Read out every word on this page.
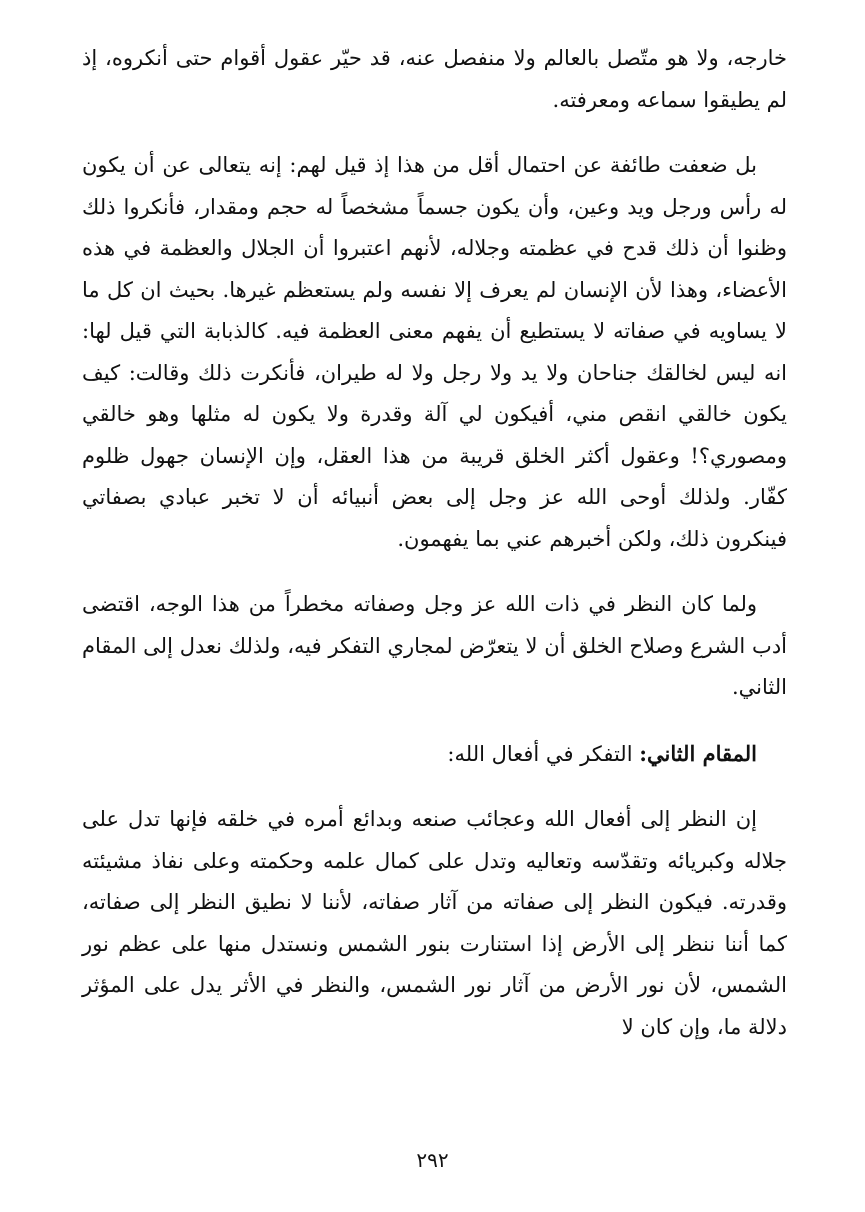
خارجه، ولا هو متّصل بالعالم ولا منفصل عنه، قد حيّر عقول أقوام حتى أنكروه، إذ لم يطيقوا سماعه ومعرفته.

بل ضعفت طائفة عن احتمال أقل من هذا إذ قيل لهم: إنه يتعالى عن أن يكون له رأس ورجل ويد وعين، وأن يكون جسماً مشخصاً له حجم ومقدار، فأنكروا ذلك وظنوا أن ذلك قدح في عظمته وجلاله، لأنهم اعتبروا أن الجلال والعظمة في هذه الأعضاء، وهذا لأن الإنسان لم يعرف إلا نفسه ولم يستعظم غيرها. بحيث ان كل ما لا يساويه في صفاته لا يستطيع أن يفهم معنى العظمة فيه. كالذبابة التي قيل لها: انه ليس لخالقك جناحان ولا يد ولا رجل ولا له طيران، فأنكرت ذلك وقالت: كيف يكون خالقي انقص مني، أفيكون لي آلة وقدرة ولا يكون له مثلها وهو خالقي ومصوري؟! وعقول أكثر الخلق قريبة من هذا العقل، وإن الإنسان جهول ظلوم كفّار. ولذلك أوحى الله عز وجل إلى بعض أنبيائه أن لا تخبر عبادي بصفاتي فينكرون ذلك، ولكن أخبرهم عني بما يفهمون.

ولما كان النظر في ذات الله عز وجل وصفاته مخطراً من هذا الوجه، اقتضى أدب الشرع وصلاح الخلق أن لا يتعرّض لمجاري التفكر فيه، ولذلك نعدل إلى المقام الثاني.

المقام الثاني: التفكر في أفعال الله:

إن النظر إلى أفعال الله وعجائب صنعه وبدائع أمره في خلقه فإنها تدل على جلاله وكبريائه وتقدّسه وتعاليه وتدل على كمال علمه وحكمته وعلى نفاذ مشيئته وقدرته. فيكون النظر إلى صفاته من آثار صفاته، لأننا لا نطيق النظر إلى صفاته، كما أننا ننظر إلى الأرض إذا استنارت بنور الشمس ونستدل منها على عظم نور الشمس، لأن نور الأرض من آثار نور الشمس، والنظر في الأثر يدل على المؤثر دلالة ما، وإن كان لا

٢٩٢
